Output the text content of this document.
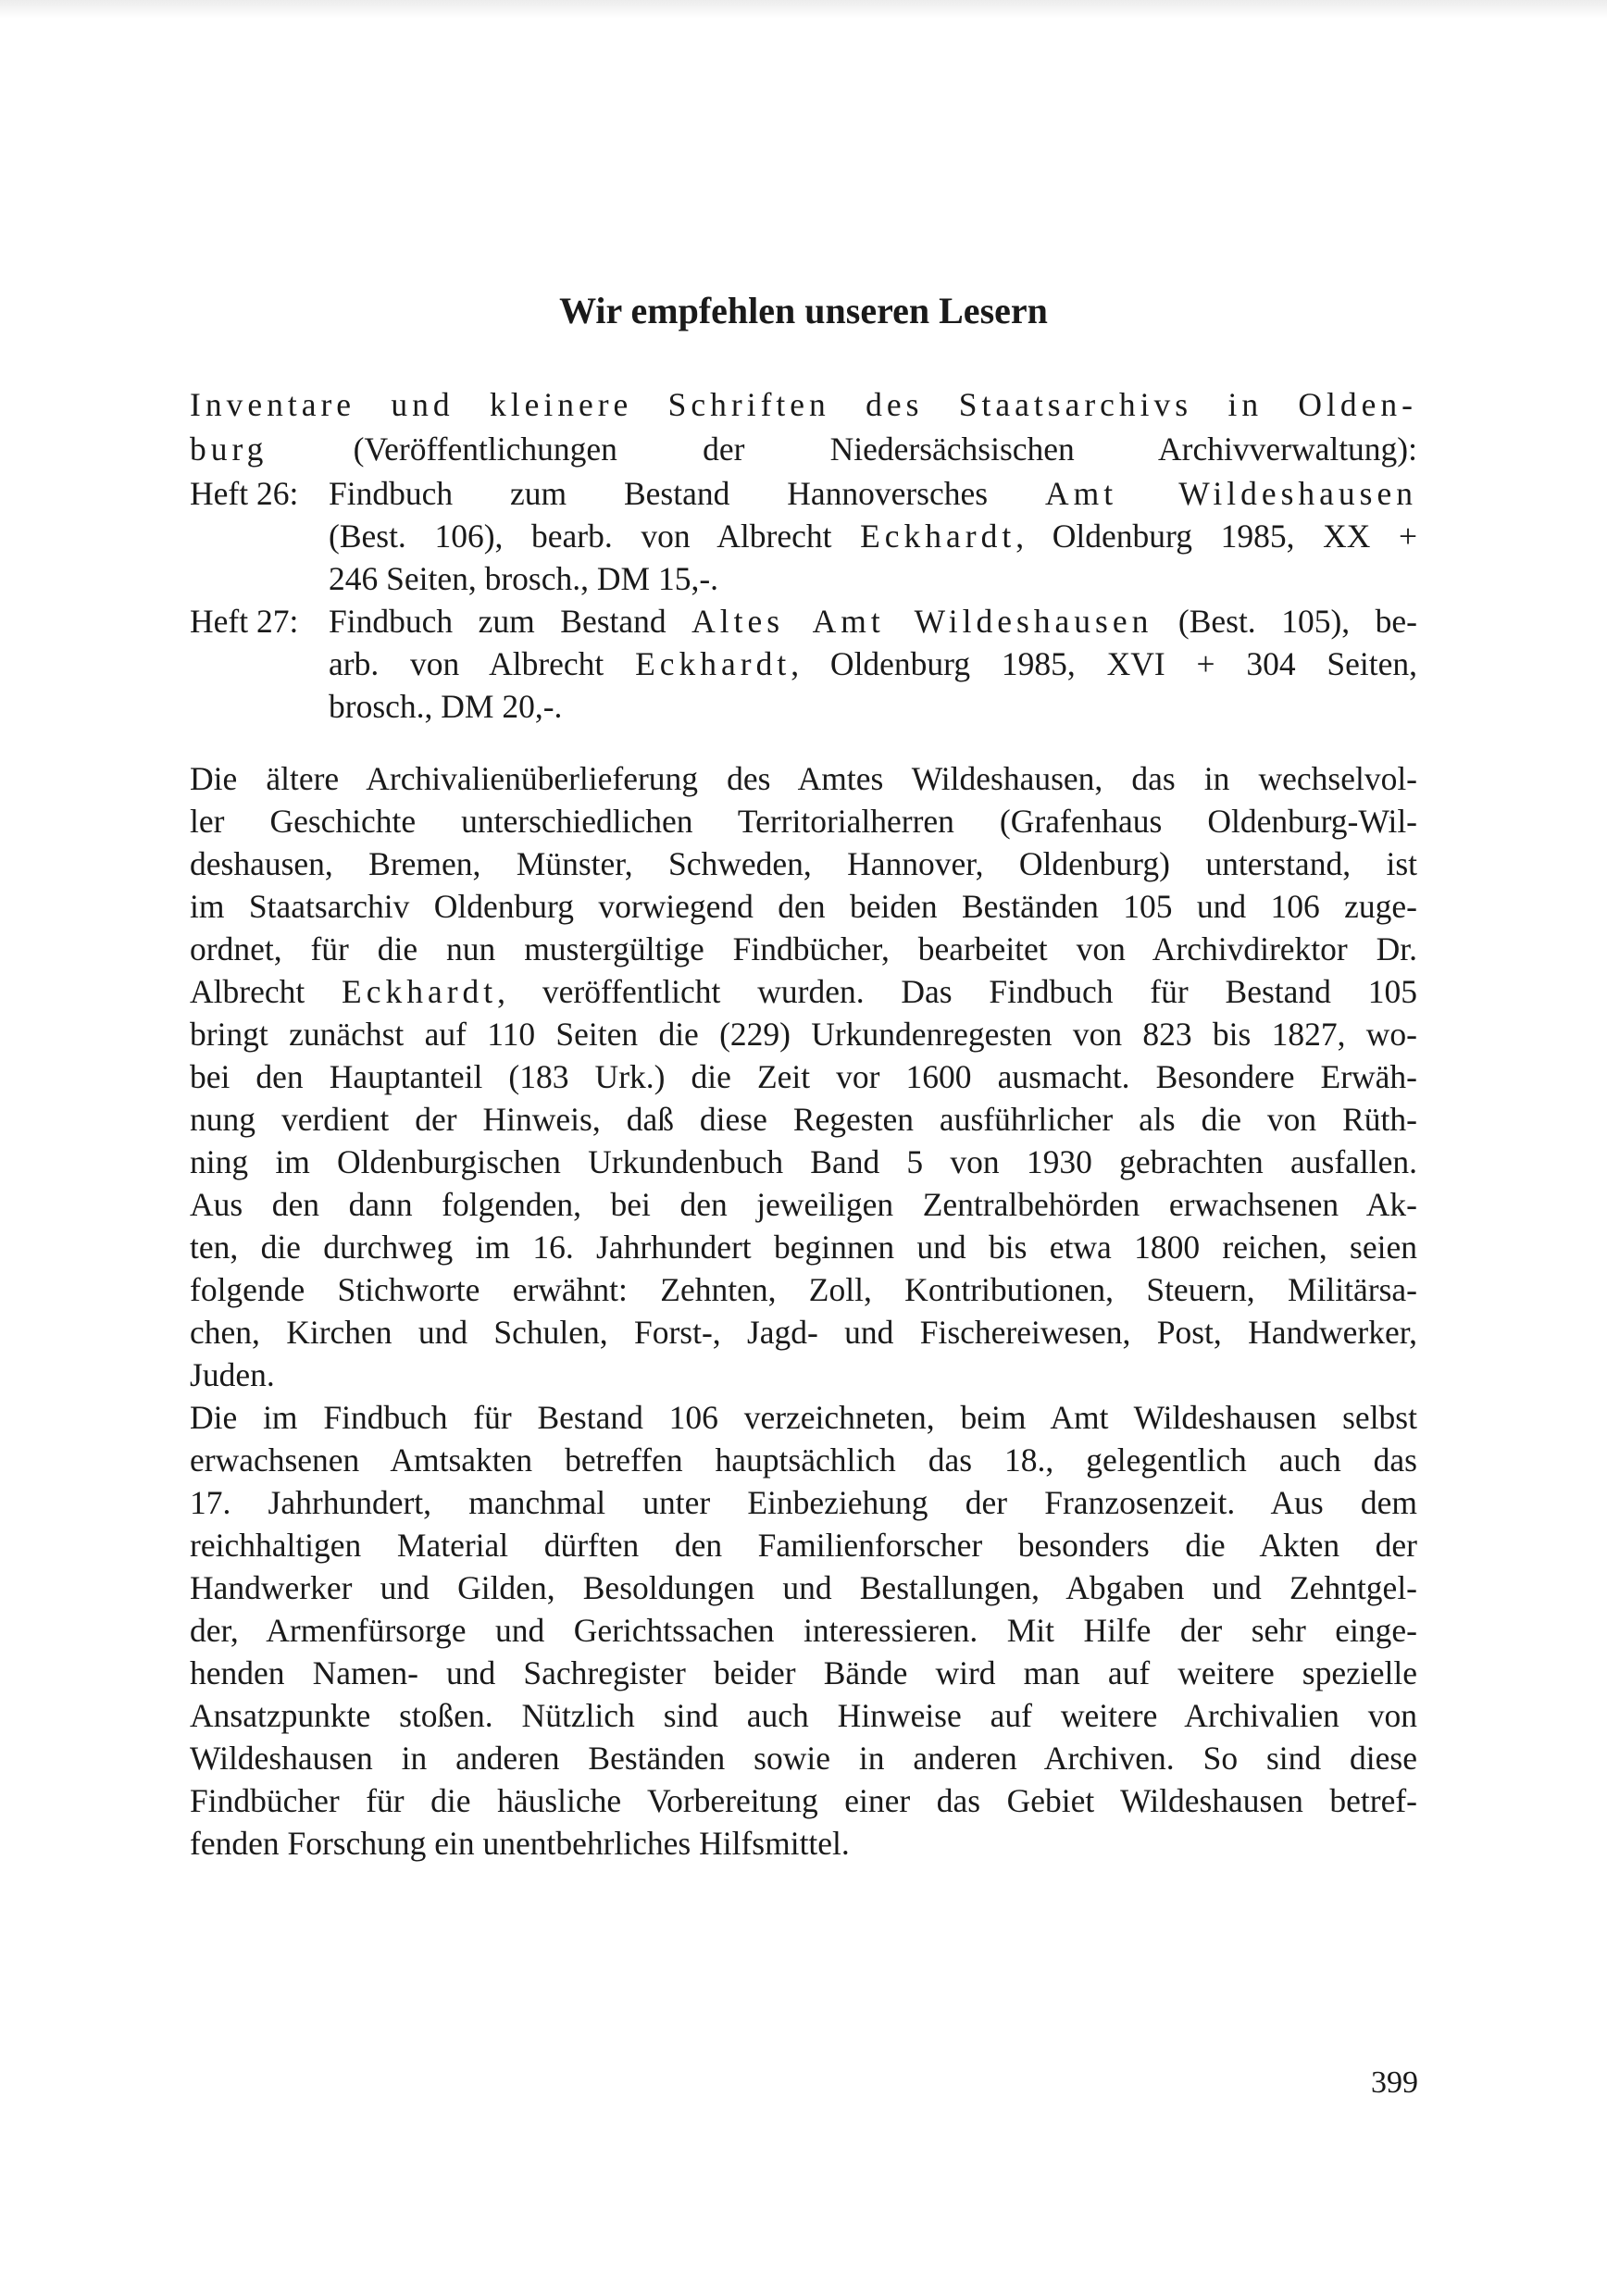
Wir empfehlen unseren Lesern

Inventare und kleinere Schriften des Staatsarchivs in Olden-

burg (Veröffentlichungen der Niedersächsischen Archivverwaltung):

Heft 26: Findbuch zum Bestand Hannoversches Amt Wildeshausen

(Best. 106), bearb. von Albrecht Eckhardt, Oldenburg 1985, XX +

246 Seiten, brosch., DM 15,-.

Heft 27: Findbuch zum Bestand Altes Amt Wildeshausen (Best. 105), be-

arb. von Albrecht Eckhardt, Oldenburg 1985, XVI + 304 Seiten,

brosch., DM 20,-.

Die ältere Archivalienüberlieferung des Amtes Wildeshausen, das in wechselvol-

ler Geschichte unterschiedlichen Territorialherren (Grafenhaus Oldenburg-Wil-

deshausen, Bremen, Münster, Schweden, Hannover, Oldenburg) unterstand, ist

im Staatsarchiv Oldenburg vorwiegend den beiden Beständen 105 und 106 zuge-

ordnet, für die nun mustergültige Findbücher, bearbeitet von Archivdirektor Dr.

Albrecht Eckhardt, veröffentlicht wurden. Das Findbuch für Bestand 105

bringt zunächst auf 110 Seiten die (229) Urkundenregesten von 823 bis 1827, wo-

bei den Hauptanteil (183 Urk.) die Zeit vor 1600 ausmacht. Besondere Erwäh-

nung verdient der Hinweis, daß diese Regesten ausführlicher als die von Rüth-

ning im Oldenburgischen Urkundenbuch Band 5 von 1930 gebrachten ausfallen.

Aus den dann folgenden, bei den jeweiligen Zentralbehörden erwachsenen Ak-

ten, die durchweg im 16. Jahrhundert beginnen und bis etwa 1800 reichen, seien

folgende Stichworte erwähnt: Zehnten, Zoll, Kontributionen, Steuern, Militärsa-

chen, Kirchen und Schulen, Forst-, Jagd- und Fischereiwesen, Post, Handwerker,

Juden.

Die im Findbuch für Bestand 106 verzeichneten, beim Amt Wildeshausen selbst

erwachsenen Amtsakten betreffen hauptsächlich das 18., gelegentlich auch das

17. Jahrhundert, manchmal unter Einbeziehung der Franzosenzeit. Aus dem

reichhaltigen Material dürften den Familienforscher besonders die Akten der

Handwerker und Gilden, Besoldungen und Bestallungen, Abgaben und Zehntgel-

der, Armenfürsorge und Gerichtssachen interessieren. Mit Hilfe der sehr einge-

henden Namen- und Sachregister beider Bände wird man auf weitere spezielle

Ansatzpunkte stoßen. Nützlich sind auch Hinweise auf weitere Archivalien von

Wildeshausen in anderen Beständen sowie in anderen Archiven. So sind diese

Findbücher für die häusliche Vorbereitung einer das Gebiet Wildeshausen betref-

fenden Forschung ein unentbehrliches Hilfsmittel.

399
